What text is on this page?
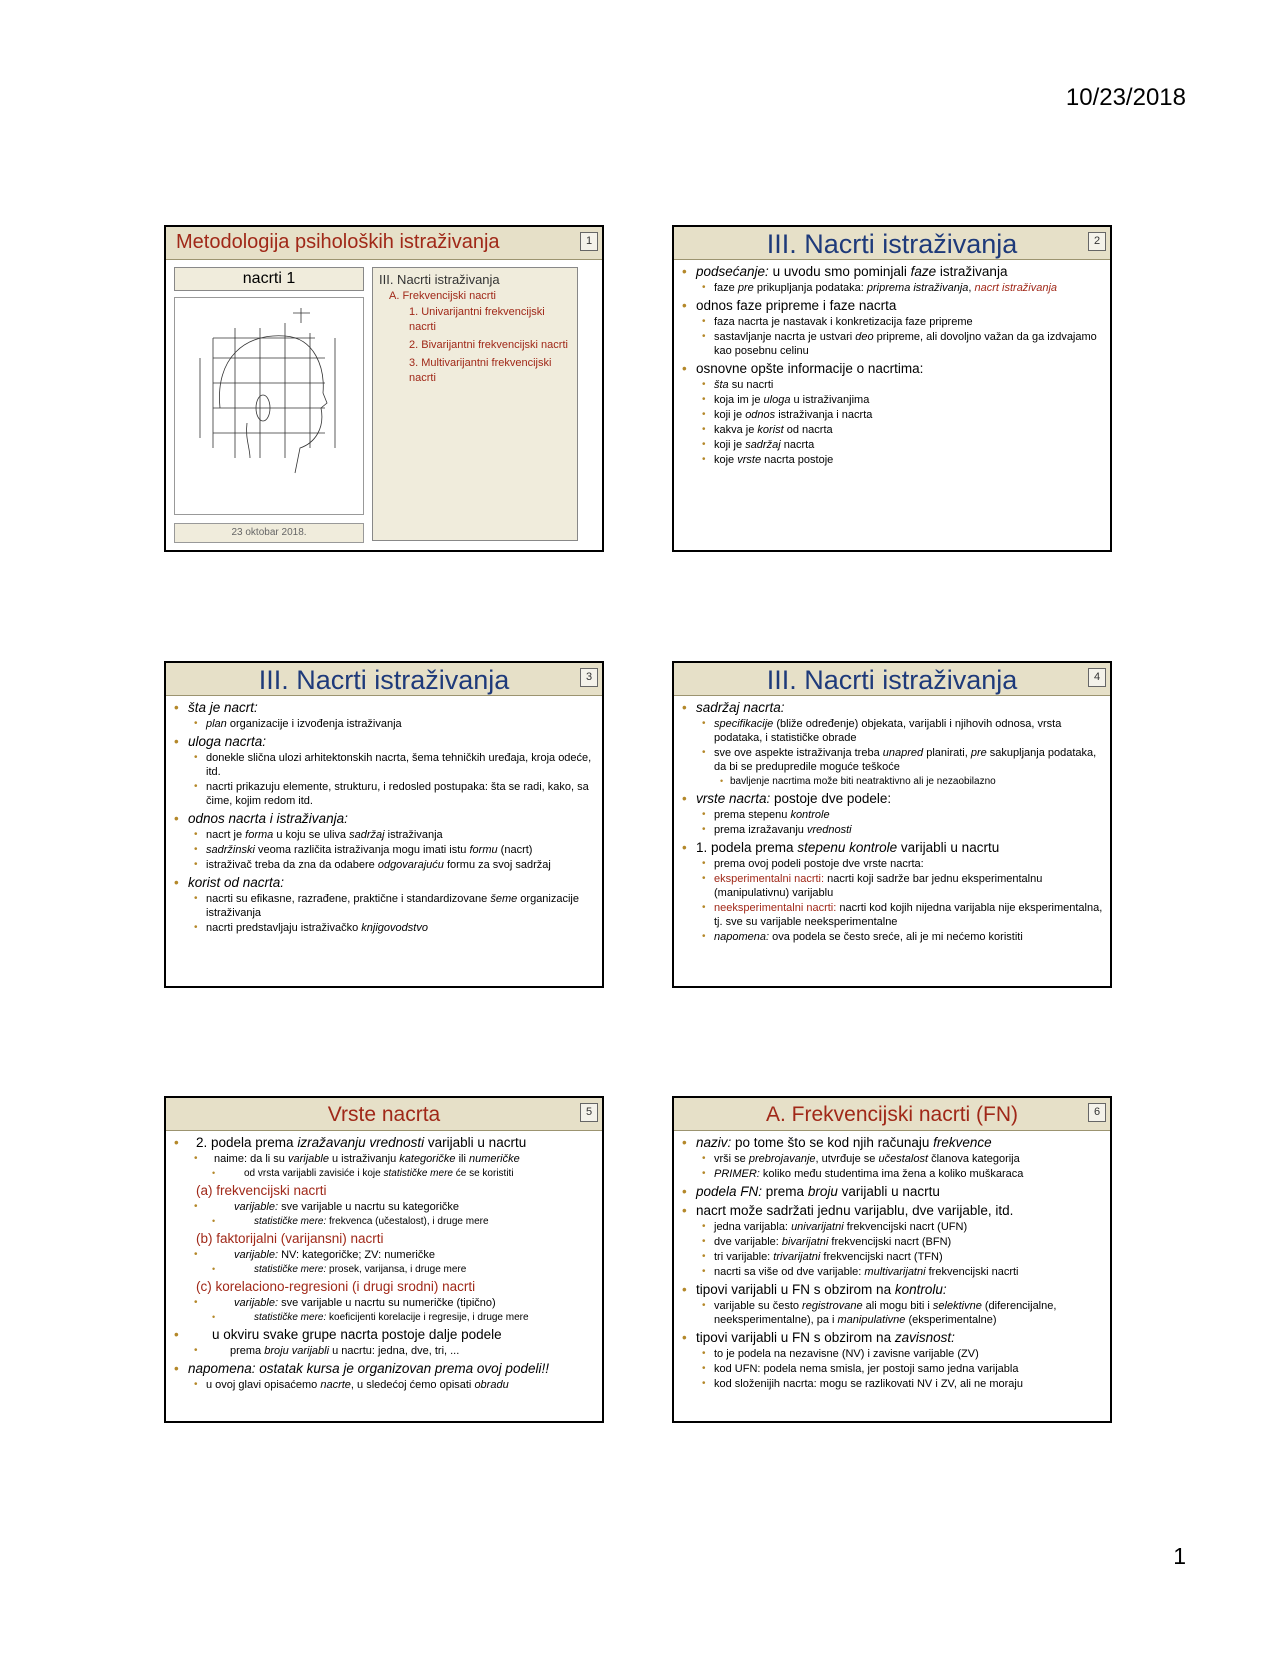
10/23/2018
Metodologija psiholoških istraživanja	1
nacrti 1
23 oktobar 2018.
III. Nacrti istraživanja
A. Frekvencijski nacrti
1. Univarijantni frekvencijski nacrti
2. Bivarijantni frekvencijski nacrti
3. Multivarijantni frekvencijski nacrti
III. Nacrti istraživanja	2
• podsećanje: u uvodu smo pominjali faze istraživanja
• faze pre prikupljanja podataka: priprema istraživanja, nacrt istraživanja
• odnos faze pripreme i faze nacrta
• faza nacrta je nastavak i konkretizacija faze pripreme
• sastavljanje nacrta je ustvari deo pripreme, ali dovoljno važan da ga izdvajamo kao posebnu celinu
• osnovne opšte informacije o nacrtima:
• šta su nacrti
• koja im je uloga u istraživanjima
• koji je odnos istraživanja i nacrta
• kakva je korist od nacrta
• koji je sadržaj nacrta
• koje vrste nacrta postoje
III. Nacrti istraživanja	3
• šta je nacrt:
• plan organizacije i izvođenja istraživanja
• uloga nacrta:
• donekle slična ulozi arhitektonskih nacrta, šema tehničkih uređaja, kroja odeće, itd.
• nacrti prikazuju elemente, strukturu, i redosled postupaka: šta se radi, kako, sa čime, kojim redom itd.
• odnos nacrta i istraživanja:
• nacrt je forma u koju se uliva sadržaj istraživanja
• sadržinski veoma različita istraživanja mogu imati istu formu (nacrt)
• istraživač treba da zna da odabere odgovarajuću formu za svoj sadržaj
• korist od nacrta:
• nacrti su efikasne, razrađene, praktične i standardizovane šeme organizacije istraživanja
• nacrti predstavljaju istraživačko knjigovodstvo
III. Nacrti istraživanja	4
• sadržaj nacrta:
• specifikacije (bliže određenje) objekata, varijabli i njihovih odnosa, vrsta podataka, i statističke obrade
• sve ove aspekte istraživanja treba unapred planirati, pre sakupljanja podataka, da bi se predupredile moguće teškoće
• bavljenje nacrtima može biti neatraktivno ali je nezaobilazno
• vrste nacrta: postoje dve podele:
• prema stepenu kontrole
• prema izražavanju vrednosti
• 1. podela prema stepenu kontrole varijabli u nacrtu
• prema ovoj podeli postoje dve vrste nacrta:
• eksperimentalni nacrti: nacrti koji sadrže bar jednu eksperimentalnu (manipulativnu) varijablu
• neeksperimentalni nacrti: nacrti kod kojih nijedna varijabla nije eksperimentalna, tj. sve su varijable neeksperimentalne
• napomena: ova podela se često sreće, ali je mi nećemo koristiti
Vrste nacrta	5
• 2. podela prema izražavanju vrednosti varijabli u nacrtu
• naime: da li su varijable u istraživanju kategoričke ili numeričke
• od vrsta varijabli zavisiće i koje statističke mere će se koristiti
(a) frekvencijski nacrti
• varijable: sve varijable u nacrtu su kategoričke
• statističke mere: frekvenca (učestalost), i druge mere
(b) faktorijalni (varijansni) nacrti
• varijable: NV: kategoričke; ZV: numeričke
• statističke mere: prosek, varijansa, i druge mere
(c) korelaciono-regresioni (i drugi srodni) nacrti
• varijable: sve varijable u nacrtu su numeričke (tipično)
• statističke mere: koeficijenti korelacije i regresije, i druge mere
• u okviru svake grupe nacrta postoje dalje podele
• prema broju varijabli u nacrtu: jedna, dve, tri, ...
• napomena: ostatak kursa je organizovan prema ovoj podeli!!
• u ovoj glavi opisaćemo nacrte, u sledećoj ćemo opisati obradu
A. Frekvencijski nacrti (FN)	6
• naziv: po tome što se kod njih računaju frekvence
• vrši se prebrojavanje, utvrđuje se učestalost članova kategorija
• PRIMER: koliko među studentima ima žena a koliko muškaraca
• podela FN: prema broju varijabli u nacrtu
• nacrt može sadržati jednu varijablu, dve varijable, itd.
• jedna varijabla: univarijatni frekvencijski nacrt (UFN)
• dve varijable: bivarijatni frekvencijski nacrt (BFN)
• tri varijable: trivarijatni frekvencijski nacrt (TFN)
• nacrti sa više od dve varijable: multivarijatni frekvencijski nacrti
• tipovi varijabli u FN s obzirom na kontrolu:
• varijable su često registrovane ali mogu biti i selektivne (diferencijalne, neeksperimentalne), pa i manipulativne (eksperimentalne)
• tipovi varijabli u FN s obzirom na zavisnost:
• to je podela na nezavisne (NV) i zavisne varijable (ZV)
• kod UFN: podela nema smisla, jer postoji samo jedna varijabla
• kod složenijih nacrta: mogu se razlikovati NV i ZV, ali ne moraju
1
